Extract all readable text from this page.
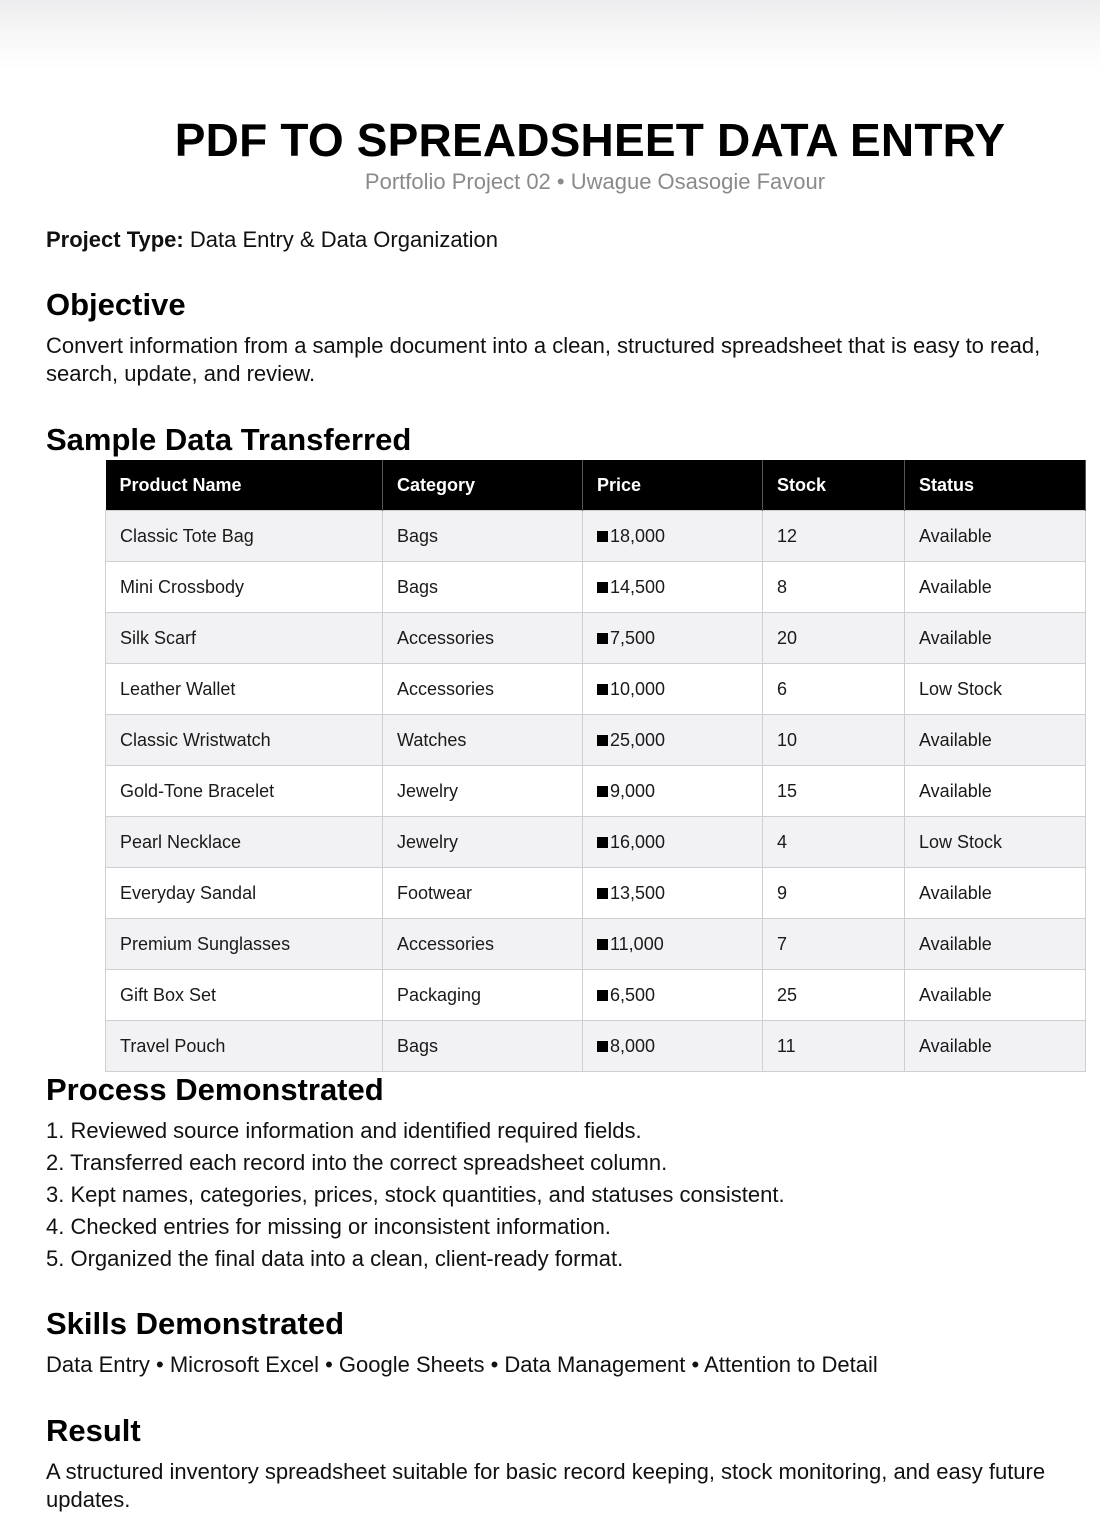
PDF TO SPREADSHEET DATA ENTRY
Portfolio Project 02 • Uwague Osasogie Favour
Project Type: Data Entry & Data Organization
Objective

Convert information from a sample document into a clean, structured spreadsheet that is easy to read, search, update, and review.

Sample Data Transferred
Product Name	Category	Price	Stock	Status
Classic Tote Bag	Bags	18,000	12	Available
Mini Crossbody	Bags	14,500	8	Available
Silk Scarf	Accessories	7,500	20	Available
Leather Wallet	Accessories	10,000	6	Low Stock
Classic Wristwatch	Watches	25,000	10	Available
Gold-Tone Bracelet	Jewelry	9,000	15	Available
Pearl Necklace	Jewelry	16,000	4	Low Stock
Everyday Sandal	Footwear	13,500	9	Available
Premium Sunglasses	Accessories	11,000	7	Available
Gift Box Set	Packaging	6,500	25	Available
Travel Pouch	Bags	8,000	11	Available
Process Demonstrated
1. Reviewed source information and identified required fields.
2. Transferred each record into the correct spreadsheet column.
3. Kept names, categories, prices, stock quantities, and statuses consistent.
4. Checked entries for missing or inconsistent information.
5. Organized the final data into a clean, client-ready format.
Skills Demonstrated

Data Entry • Microsoft Excel • Google Sheets • Data Management • Attention to Detail

Result

A structured inventory spreadsheet suitable for basic record keeping, stock monitoring, and easy future updates.
